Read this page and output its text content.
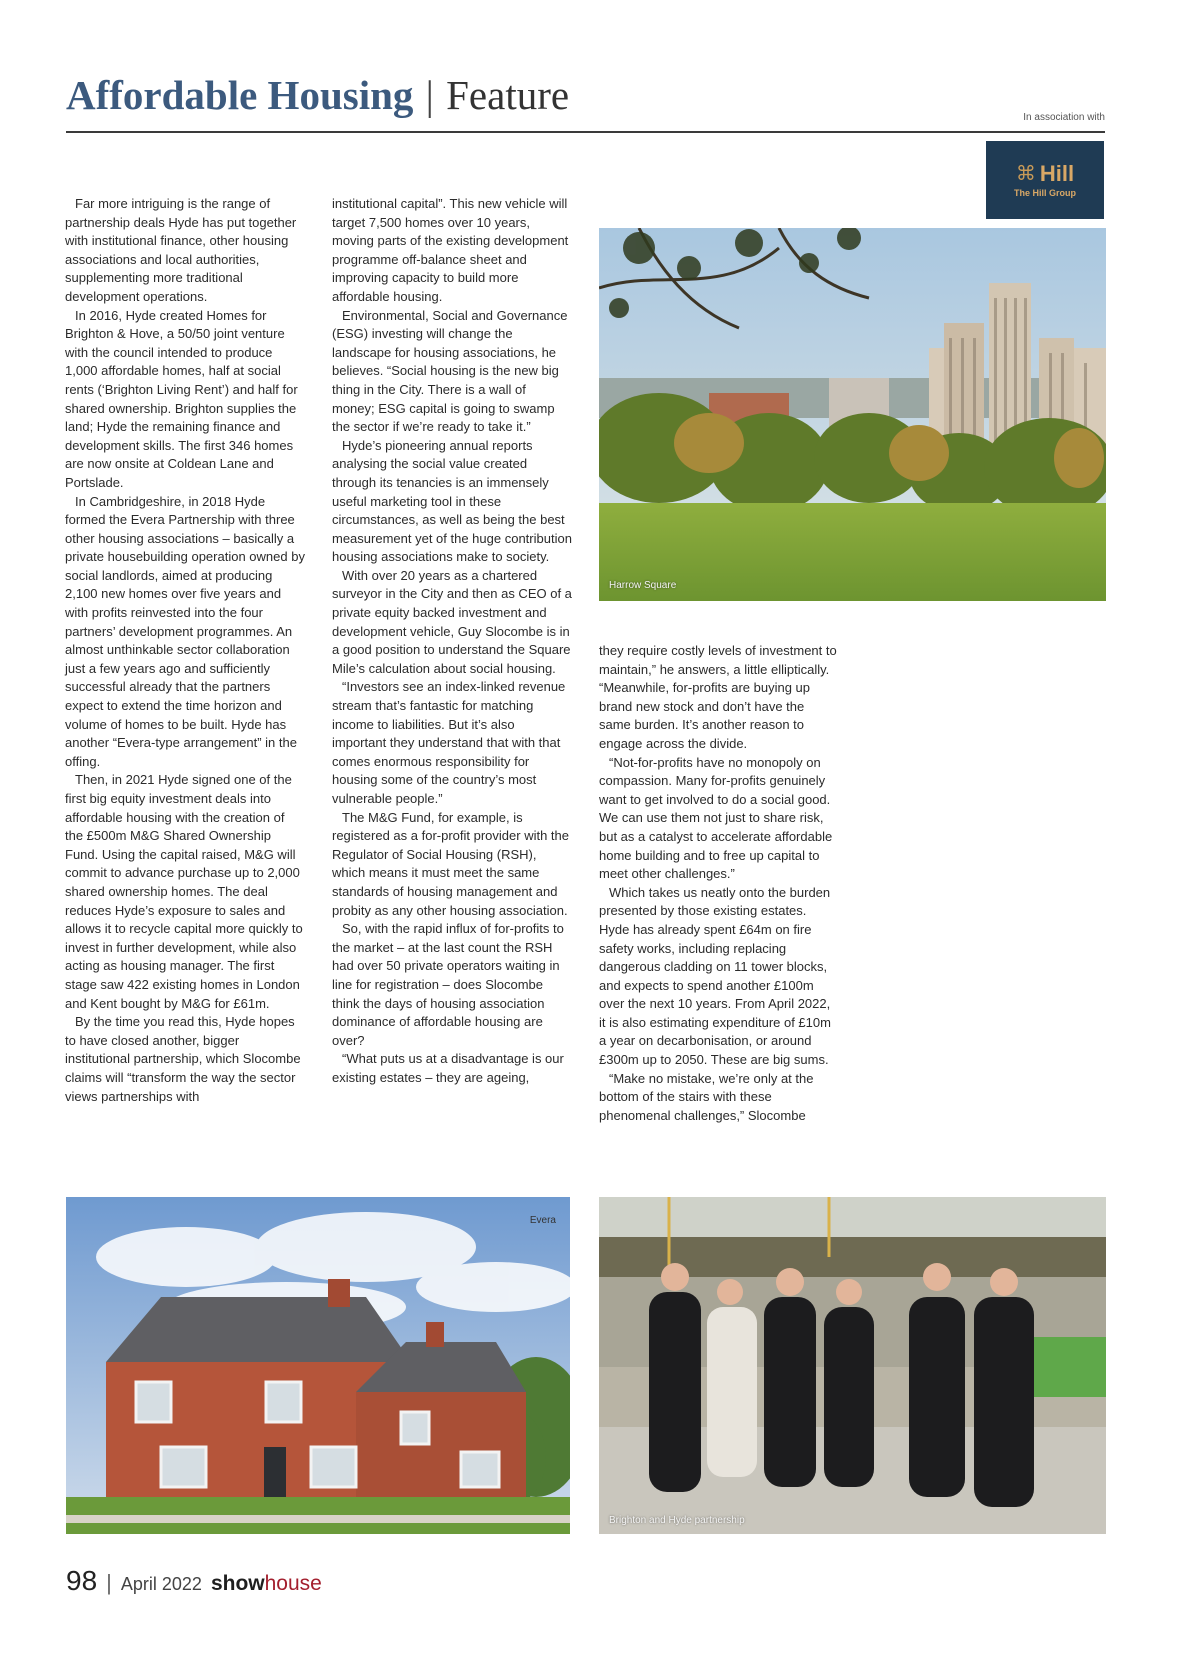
Affordable Housing | Feature	In association with
⌘ Hill
The Hill Group

Far more intriguing is the range of partnership deals Hyde has put together with institutional finance, other housing associations and local authorities, supplementing more traditional development operations.

In 2016, Hyde created Homes for Brighton & Hove, a 50/50 joint venture with the council intended to produce 1,000 affordable homes, half at social rents (‘Brighton Living Rent’) and half for shared ownership. Brighton supplies the land; Hyde the remaining finance and development skills. The first 346 homes are now onsite at Coldean Lane and Portslade.

In Cambridgeshire, in 2018 Hyde formed the Evera Partnership with three other housing associations – basically a private housebuilding operation owned by social landlords, aimed at producing 2,100 new homes over five years and with profits reinvested into the four partners’ development programmes. An almost unthinkable sector collaboration just a few years ago and sufficiently successful already that the partners expect to extend the time horizon and volume of homes to be built. Hyde has another “Evera-type arrangement” in the offing.

Then, in 2021 Hyde signed one of the first big equity investment deals into affordable housing with the creation of the £500m M&G Shared Ownership Fund. Using the capital raised, M&G will commit to advance purchase up to 2,000 shared ownership homes. The deal reduces Hyde’s exposure to sales and allows it to recycle capital more quickly to invest in further development, while also acting as housing manager. The first stage saw 422 existing homes in London and Kent bought by M&G for £61m.

By the time you read this, Hyde hopes to have closed another, bigger institutional partnership, which Slocombe claims will “transform the way the sector views partnerships with

institutional capital”. This new vehicle will target 7,500 homes over 10 years, moving parts of the existing development programme off-balance sheet and improving capacity to build more affordable housing.

Environmental, Social and Governance (ESG) investing will change the landscape for housing associations, he believes. “Social housing is the new big thing in the City. There is a wall of money; ESG capital is going to swamp the sector if we’re ready to take it.”

Hyde’s pioneering annual reports analysing the social value created through its tenancies is an immensely useful marketing tool in these circumstances, as well as being the best measurement yet of the huge contribution housing associations make to society.

With over 20 years as a chartered surveyor in the City and then as CEO of a private equity backed investment and development vehicle, Guy Slocombe is in a good position to understand the Square Mile’s calculation about social housing.

“Investors see an index-linked revenue stream that’s fantastic for matching income to liabilities. But it’s also important they understand that with that comes enormous responsibility for housing some of the country’s most vulnerable people.”

The M&G Fund, for example, is registered as a for-profit provider with the Regulator of Social Housing (RSH), which means it must meet the same standards of housing management and probity as any other housing association.

So, with the rapid influx of for-profits to the market – at the last count the RSH had over 50 private operators waiting in line for registration – does Slocombe think the days of housing association dominance of affordable housing are over?

“What puts us at a disadvantage is our existing estates – they are ageing,

they require costly levels of investment to maintain,” he answers, a little elliptically. “Meanwhile, for-profits are buying up brand new stock and don’t have the same burden. It’s another reason to engage across the divide.

“Not-for-profits have no monopoly on compassion. Many for-profits genuinely want to get involved to do a social good. We can use them not just to share risk, but as a catalyst to accelerate affordable home building and to free up capital to meet other challenges.”

Which takes us neatly onto the burden presented by those existing estates. Hyde has already spent £64m on fire safety works, including replacing dangerous cladding on 11 tower blocks, and expects to spend another £100m over the next 10 years. From April 2022, it is also estimating expenditure of £10m a year on decarbonisation, or around £300m up to 2050. These are big sums.

“Make no mistake, we’re only at the bottom of the stairs with these phenomenal challenges,” Slocombe

Harrow Square
Evera
Brighton and Hyde partnership
98 | April 2022 show house
